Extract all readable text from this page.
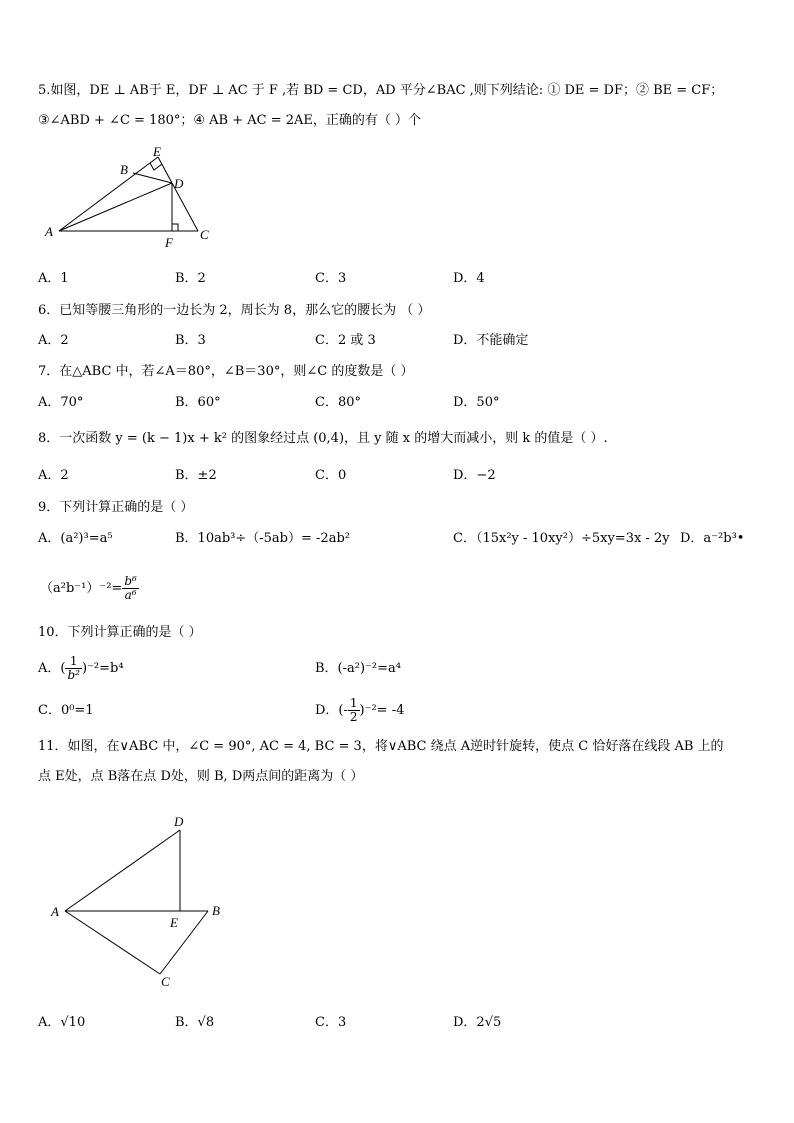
5.如图，DE ⊥ AB于 E，DF ⊥ AC 于 F ,若 BD = CD，AD 平分∠BAC ,则下列结论: ① DE = DF；② BE = CF；
③∠ABD + ∠C = 180°；④ AB + AC = 2AE，正确的有（ ）个
E
B
D
A
F
C
A．1	B．2	C．3	D．4
6．已知等腰三角形的一边长为 2，周长为 8，那么它的腰长为 （ ）
A．2	B．3	C．2 或 3	D．不能确定
7．在△ABC 中，若∠A＝80°，∠B＝30°，则∠C 的度数是（ ）
A．70°	B．60°	C．80°	D．50°
8．一次函数 y = (k − 1)x + k² 的图象经过点 (0,4)，且 y 随 x 的增大而减小，则 k 的值是（ ）.
A．2	B．±2	C．0	D．−2
9．下列计算正确的是（ ）
A．(a²)³=a⁵	B．10ab³÷（-5ab）= -2ab²	C．（15x²y - 10xy²）÷5xy=3x - 2y D．a⁻²b³•
$(a^2b^{-1})^{-2}= \frac{\text{b⁶}}{\text{a⁶}}$
10．下列计算正确的是（ ）
A．( $\frac{1}{\text{b²}} )^{-2}=b^4$	B．(-a²)⁻²=a⁴
C．0⁰=1	D．(- $\frac{1}{2} )^{-2}= -4$
11．如图，在∨ABC 中，∠C = 90°, AC = 4, BC = 3，将∨ABC 绕点 A逆时针旋转，使点 C 恰好落在线段 AB 上的
点 E处，点 B落在点 D处，则 B, D两点间的距离为（ ）
D
A
E
B
C
A．√10	B．√8	C．3	D．2√5
